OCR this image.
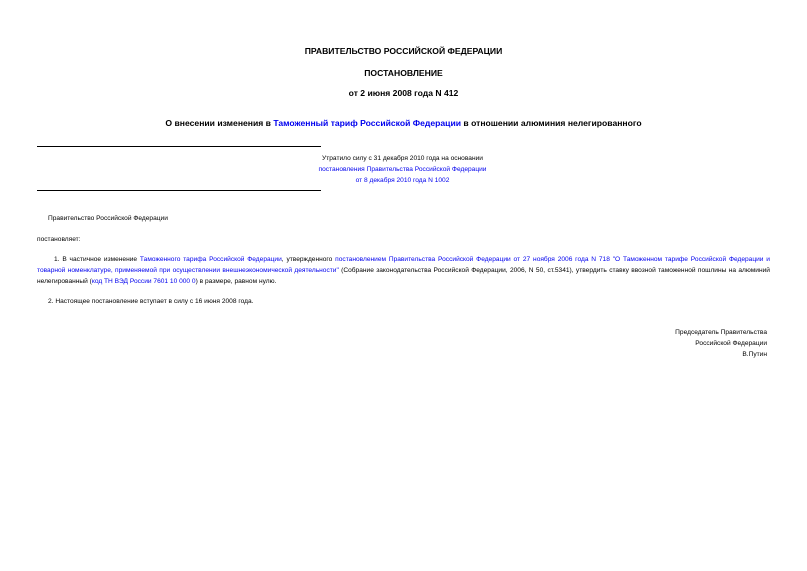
ПРАВИТЕЛЬСТВО РОССИЙСКОЙ ФЕДЕРАЦИИ
ПОСТАНОВЛЕНИЕ
от 2 июня 2008 года N 412
О внесении изменения в Таможенный тариф Российской Федерации в отношении алюминия нелегированного
Утратило силу с 31 декабря 2010 года на основании
постановления Правительства Российской Федерации
от 8 декабря 2010 года N 1002
Правительство Российской Федерации
постановляет:
1. В частичное изменение Таможенного тарифа Российской Федерации, утвержденного постановлением Правительства Российской Федерации от 27 ноября 2006 года N 718 "О Таможенном тарифе Российской Федерации и товарной номенклатуре, применяемой при осуществлении внешнеэкономической деятельности" (Собрание законодательства Российской Федерации, 2006, N 50, ст.5341), утвердить ставку ввозной таможенной пошлины на алюминий нелегированный (код ТН ВЭД России 7601 10 000 0) в размере, равном нулю.
2. Настоящее постановление вступает в силу с 16 июня 2008 года.
Председатель Правительства
Российской Федерации
В.Путин
